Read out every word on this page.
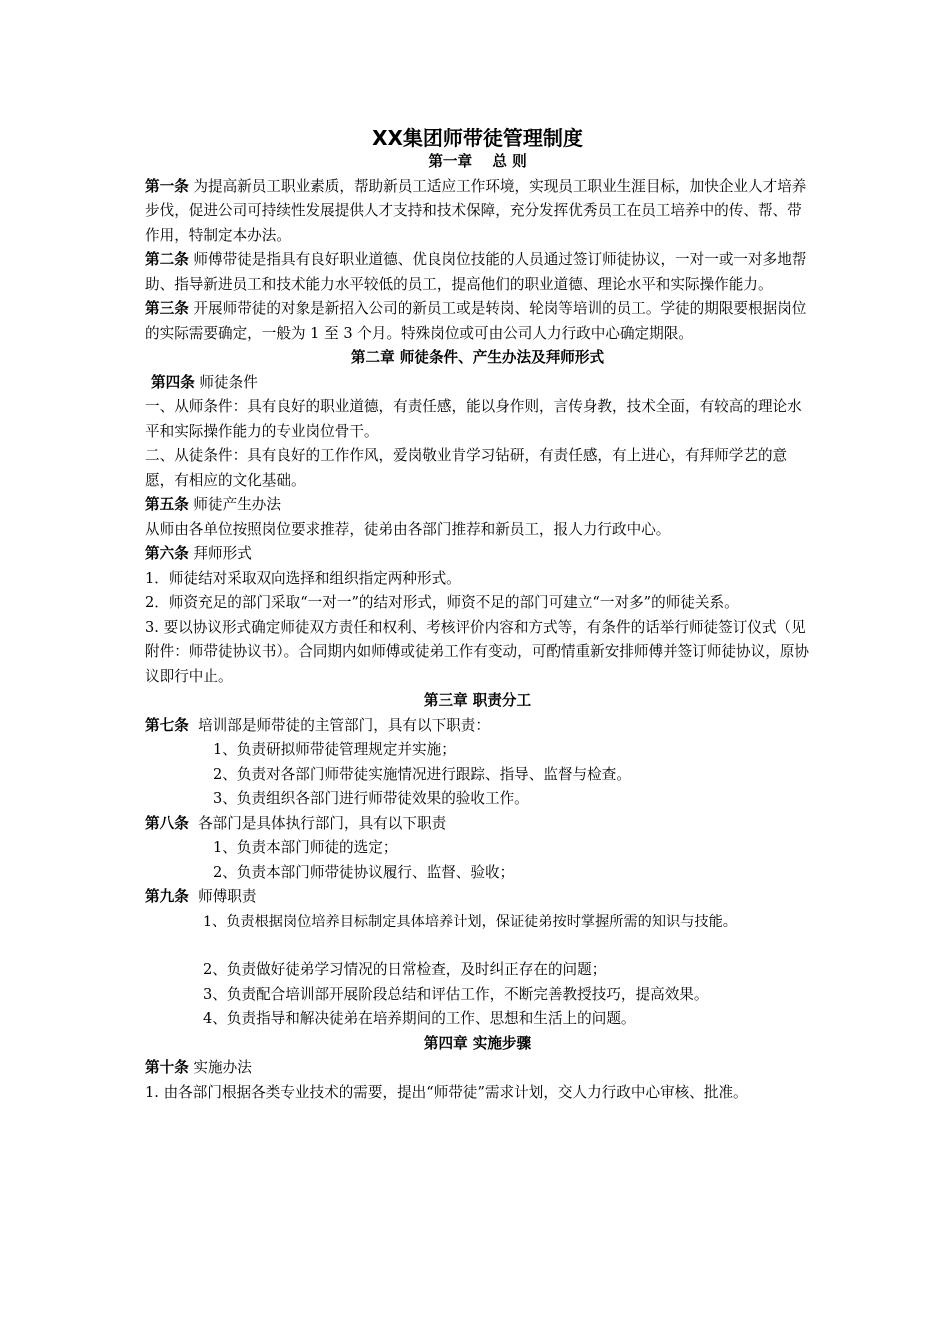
XX集团师带徒管理制度
第一章    总 则

第一条 为提高新员工职业素质，帮助新员工适应工作环境，实现员工职业生涯目标，加快企业人才培养步伐，促进公司可持续性发展提供人才支持和技术保障，充分发挥优秀员工在员工培养中的传、帮、带作用，特制定本办法。

第二条 师傅带徒是指具有良好职业道德、优良岗位技能的人员通过签订师徒协议，一对一或一对多地帮助、指导新进员工和技术能力水平较低的员工，提高他们的职业道德、理论水平和实际操作能力。

第三条 开展师带徒的对象是新招入公司的新员工或是转岗、轮岗等培训的员工。学徒的期限要根据岗位的实际需要确定，一般为 1 至 3 个月。特殊岗位或可由公司人力行政中心确定期限。

第二章 师徒条件、产生办法及拜师形式

第四条 师徒条件

一、从师条件：具有良好的职业道德，有责任感，能以身作则，言传身教，技术全面，有较高的理论水平和实际操作能力的专业岗位骨干。

二、从徒条件：具有良好的工作作风，爱岗敬业肯学习钻研，有责任感，有上进心，有拜师学艺的意愿，有相应的文化基础。

第五条 师徒产生办法

从师由各单位按照岗位要求推荐，徒弟由各部门推荐和新员工，报人力行政中心。

第六条 拜师形式

1．师徒结对采取双向选择和组织指定两种形式。

2．师资充足的部门采取“一对一”的结对形式，师资不足的部门可建立“一对多”的师徒关系。

3. 要以协议形式确定师徒双方责任和权利、考核评价内容和方式等，有条件的话举行师徒签订仪式（见附件：师带徒协议书）。合同期内如师傅或徒弟工作有变动，可酌情重新安排师傅并签订师徒协议，原协议即行中止。

第三章 职责分工

第七条  培训部是师带徒的主管部门，具有以下职责：

1、负责研拟师带徒管理规定并实施；

2、负责对各部门师带徒实施情况进行跟踪、指导、监督与检查。

3、负责组织各部门进行师带徒效果的验收工作。

第八条  各部门是具体执行部门，具有以下职责

1、负责本部门师徒的选定；

2、负责本部门师带徒协议履行、监督、验收；

第九条  师傅职责

1、负责根据岗位培养目标制定具体培养计划，保证徒弟按时掌握所需的知识与技能。

2、负责做好徒弟学习情况的日常检查，及时纠正存在的问题；

3、负责配合培训部开展阶段总结和评估工作，不断完善教授技巧，提高效果。

4、负责指导和解决徒弟在培养期间的工作、思想和生活上的问题。

第四章 实施步骤

第十条 实施办法

1. 由各部门根据各类专业技术的需要，提出“师带徒”需求计划，交人力行政中心审核、批准。
